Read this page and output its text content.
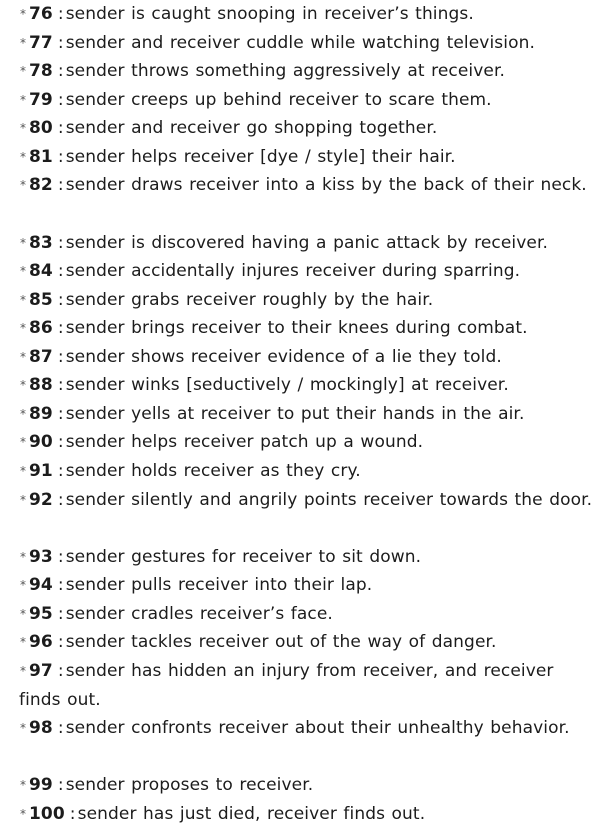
* 76 : sender is caught snooping in receiver’s things.
* 77 : sender and receiver cuddle while watching television.
* 78 : sender throws something aggressively at receiver.
* 79 : sender creeps up behind receiver to scare them.
* 80 : sender and receiver go shopping together.
* 81 : sender helps receiver [dye / style] their hair.
* 82 : sender draws receiver into a kiss by the back of their neck.
* 83 : sender is discovered having a panic attack by receiver.
* 84 : sender accidentally injures receiver during sparring.
* 85 : sender grabs receiver roughly by the hair.
* 86 : sender brings receiver to their knees during combat.
* 87 : sender shows receiver evidence of a lie they told.
* 88 : sender winks [seductively / mockingly] at receiver.
* 89 : sender yells at receiver to put their hands in the air.
* 90 : sender helps receiver patch up a wound.
* 91 : sender holds receiver as they cry.
* 92 : sender silently and angrily points receiver towards the door.
* 93 : sender gestures for receiver to sit down.
* 94 : sender pulls receiver into their lap.
* 95 : sender cradles receiver’s face.
* 96 : sender tackles receiver out of the way of danger.
* 97 : sender has hidden an injury from receiver, and receiver finds out.
* 98 : sender confronts receiver about their unhealthy behavior.
* 99 : sender proposes to receiver.
* 100 : sender has just died, receiver finds out.
